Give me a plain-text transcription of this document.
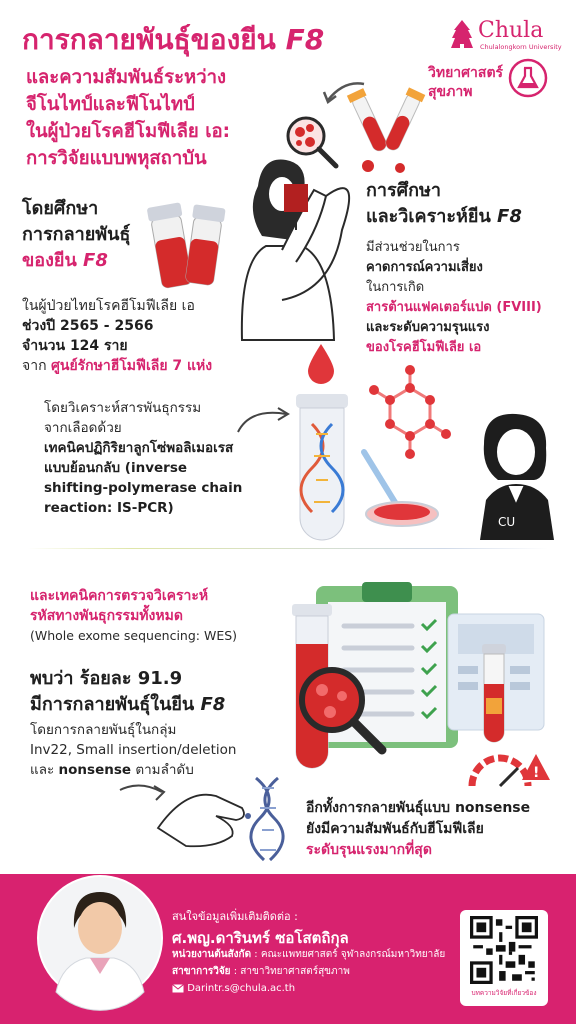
การกลายพันธุ์ของยีน F8
และความสัมพันธ์ระหว่าง
จีโนไทป์และฟีโนไทป์
ในผู้ป่วยโรคฮีโมฟีเลีย เอ:
การวิจัยแบบพหุสถาบัน
Chula
Chulalongkorn University
วิทยาศาสตร์
สุขภาพ
โดยศึกษา
การกลายพันธุ์
ของยีน F8
ในผู้ป่วยไทยโรคฮีโมฟีเลีย เอ
ช่วงปี 2565 - 2566
จำนวน 124 ราย
จาก ศูนย์รักษาฮีโมฟีเลีย 7 แห่ง
การศึกษา
และวิเคราะห์ยีน F8
มีส่วนช่วยในการ
คาดการณ์ความเสี่ยง
ในการเกิด
สารต้านแฟคเตอร์แปด (FVIII)
และระดับความรุนแรง
ของโรคฮีโมฟีเลีย เอ
โดยวิเคราะห์สารพันธุกรรม
จากเลือดด้วย
เทคนิคปฏิกิริยาลูกโซ่พอลิเมอเรส
แบบย้อนกลับ (inverse
shifting-polymerase chain
reaction: IS-PCR)
CU
และเทคนิคการตรวจวิเคราะห์
รหัสทางพันธุกรรมทั้งหมด
(Whole exome sequencing: WES)
พบว่า ร้อยละ 91.9
มีการกลายพันธุ์ในยีน F8
โดยการกลายพันธุ์ในกลุ่ม
Inv22, Small insertion/deletion
และ nonsense ตามลำดับ	!
อีกทั้งการกลายพันธุ์แบบ nonsense
ยังมีความสัมพันธ์กับฮีโมฟีเลีย
ระดับรุนแรงมากที่สุด
สนใจข้อมูลเพิ่มเติมติดต่อ :
ศ.พญ.ดารินทร์ ซอโสตถิกุล
หน่วยงานต้นสังกัด : คณะแพทยศาสตร์ จุฬาลงกรณ์มหาวิทยาลัย
สาขาการวิจัย : สาขาวิทยาศาสตร์สุขภาพ
Darintr.s@chula.ac.th	บทความวิจัยที่เกี่ยวข้อง
